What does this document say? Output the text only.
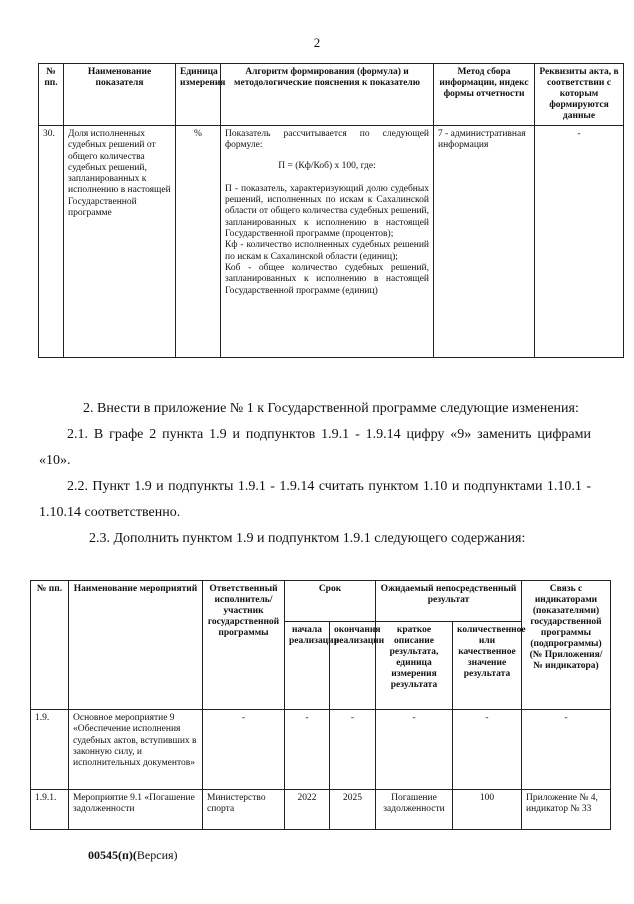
2
№ пп.	Наименование показателя	Единица измерения	Алгоритм формирования (формула) и методологические пояснения к показателю	Метод сбора информации, индекс формы отчетности	Реквизиты акта, в соответствии с которым формируются данные
30.	Доля исполненных судебных решений от общего количества судебных решений, запланированных к исполнению в настоящей Государственной программе	%	Показатель рассчитывается по следующей формуле:

П = (Кф/Коб) х 100, где:

П - показатель, характеризующий долю судебных решений, исполненных по искам к Сахалинской области от общего количества судебных решений, запланированных к исполнению в настоящей Государственной программе (процентов);

Кф - количество исполненных судебных решений по искам к Сахалинской области (единиц);

Коб - общее количество судебных решений, запланированных к исполнению в настоящей Государственной программе (единиц)	7 - административная информация	-

2. Внести в приложение № 1 к Государственной программе следующие изменения:

2.1. В графе 2 пункта 1.9 и подпунктов 1.9.1 - 1.9.14 цифру «9» заменить цифрами «10».

2.2. Пункт 1.9 и подпункты 1.9.1 - 1.9.14 считать пунктом 1.10 и подпунктами 1.10.1 - 1.10.14 соответственно.

2.3. Дополнить пунктом 1.9 и подпунктом 1.9.1 следующего содержания:

№ пп.	Наименование мероприятий	Ответственный исполнитель/участник государственной программы	Срок		Ожидаемый непосредственный результат		Связь с индикаторами (показателями) государственной программы (подпрограммы) (№ Приложения/№ индикатора)
			начала реализации	окончания реализации	краткое описание результата, единица измерения результата	количественное или качественное значение результата	
1.9.	Основное мероприятие 9 «Обеспечение исполнения судебных актов, вступивших в законную силу, и исполнительных документов»	-	-	-	-	-	-
1.9.1.	Мероприятие 9.1 «Погашение задолженности	Министерство спорта	2022	2025	Погашение задолженности	100	Приложение № 4, индикатор № 33
00545(п)(Версия)
